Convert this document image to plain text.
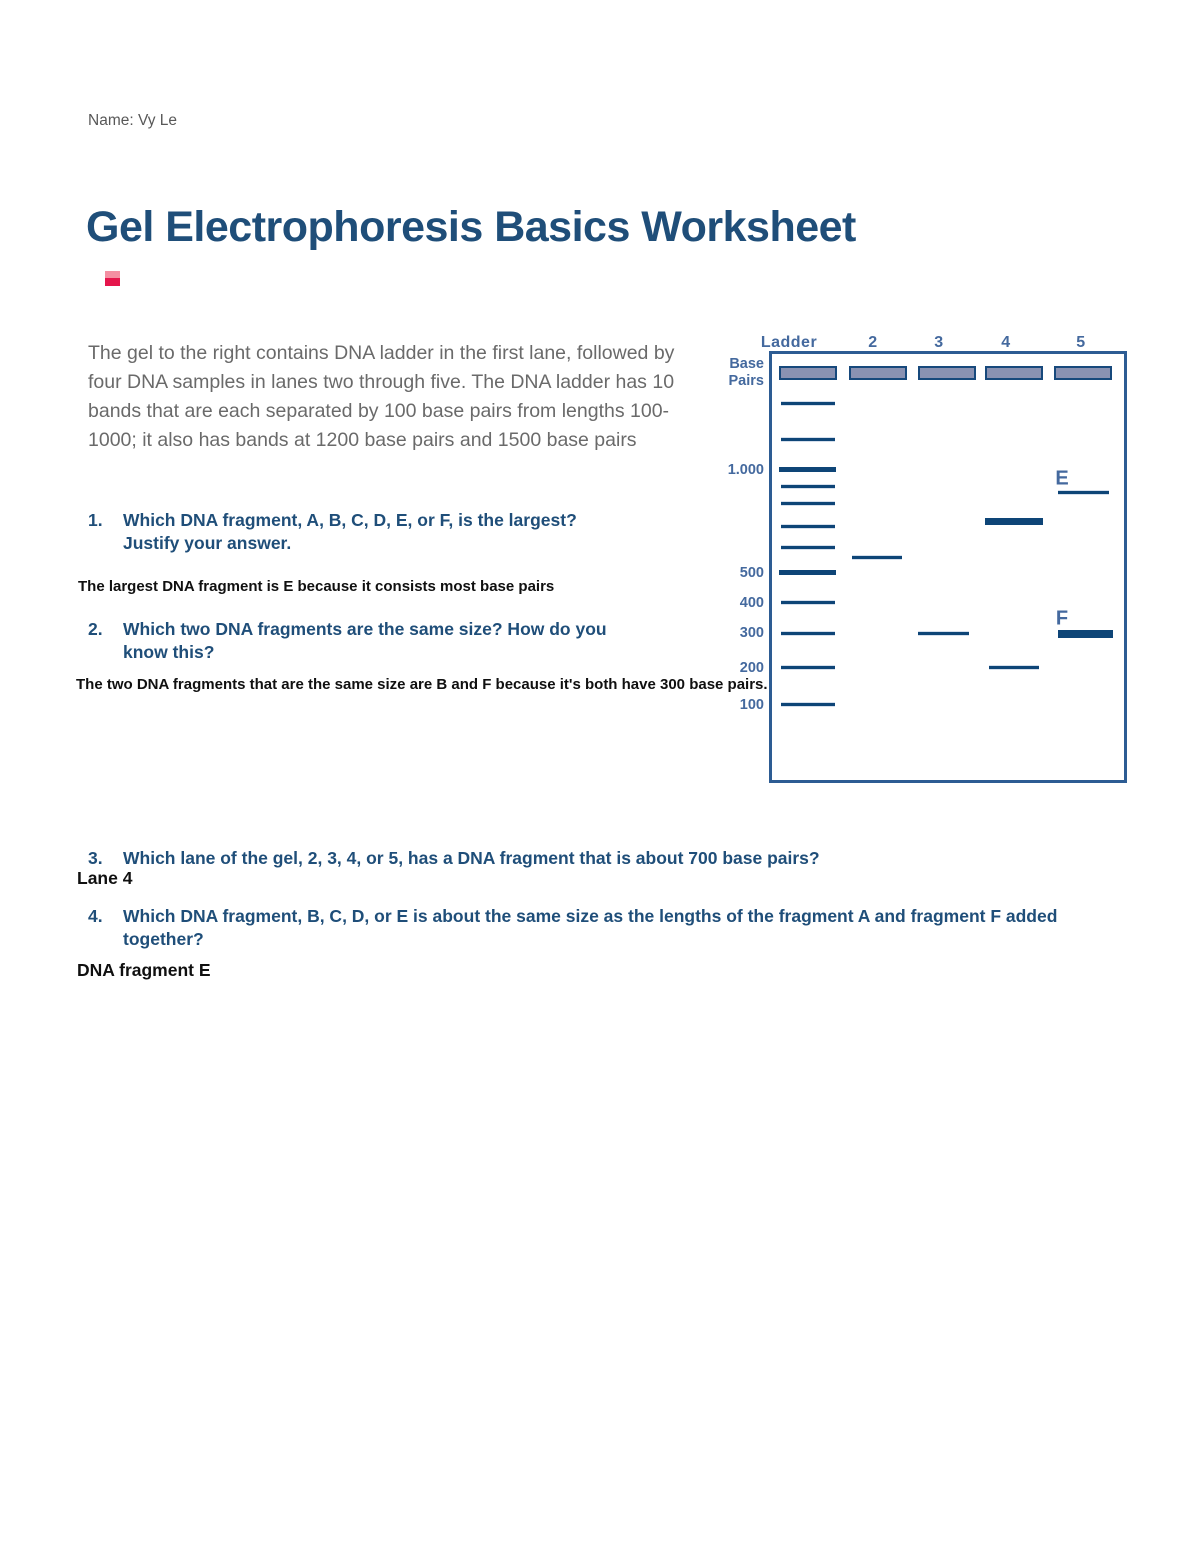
Name: Vy Le
Gel Electrophoresis Basics Worksheet

The gel to the right contains DNA ladder in the first lane, followed by four DNA samples in lanes two through five. The DNA ladder has 10 bands that are each separated by 100 base pairs from lengths 100-1000; it also has bands at 1200 base pairs and 1500 base pairs

1.	Which DNA fragment, A, B, C, D, E, or F, is the largest? Justify your answer.
The largest DNA fragment is E because it consists most base pairs
2.	Which two DNA fragments are the same size? How do you know this?
The two DNA fragments that are the same size are B and F because it's both have 300 base pairs.
3.	Which lane of the gel, 2, 3, 4, or 5, has a DNA fragment that is about 700 base pairs?
Lane 4
4.	Which DNA fragment, B, C, D, or E is about the same size as the lengths of the fragment A and fragment F added together?
DNA fragment E
Base
Pairs
Ladder	2	3	4	5
1.000
500
400
300
200
100
E
F
